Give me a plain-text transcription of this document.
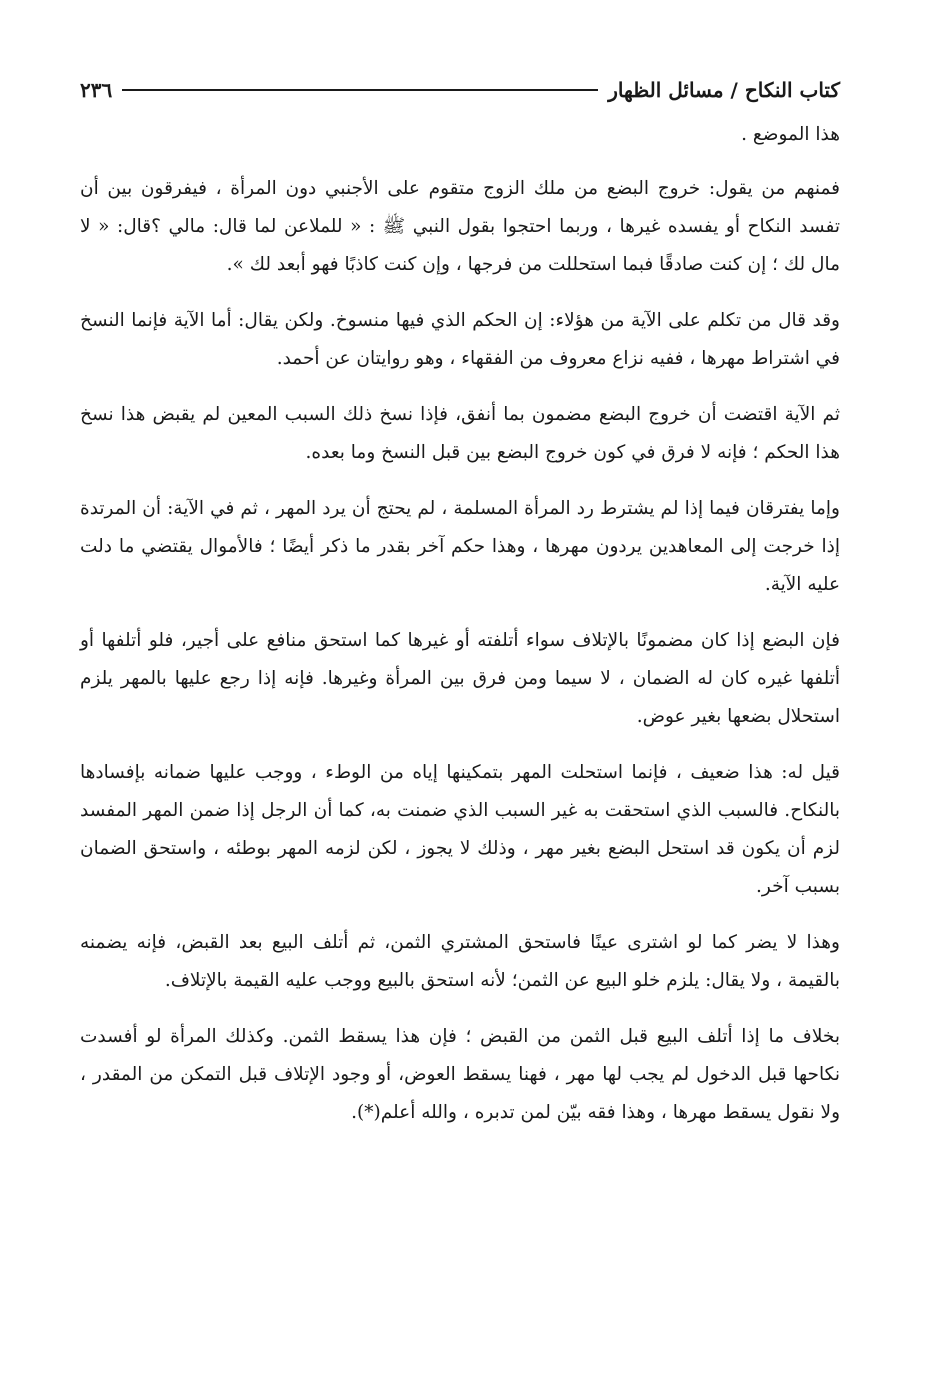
كتاب النكاح / مسائل الظهار
٢٣٦

هذا الموضع .

فمنهم من يقول: خروج البضع من ملك الزوج متقوم على الأجنبي دون المرأة ، فيفرقون بين أن تفسد النكاح أو يفسده غيرها ، وربما احتجوا بقول النبي ﷺ : « للملاعن لما قال: مالي ؟قال: « لا مال لك ؛ إن كنت صادقًا فبما استحللت من فرجها ، وإن كنت كاذبًا فهو أبعد لك ».

وقد قال من تكلم على الآية من هؤلاء: إن الحكم الذي فيها منسوخ. ولكن يقال: أما الآية فإنما النسخ في اشتراط مهرها ، ففيه نزاع معروف من الفقهاء ، وهو روايتان عن أحمد.

ثم الآية اقتضت أن خروج البضع مضمون بما أنفق، فإذا نسخ ذلك السبب المعين لم يقبض هذا نسخ هذا الحكم ؛ فإنه لا فرق في كون خروج البضع بين قبل النسخ وما بعده.

وإما يفترقان فيما إذا لم يشترط رد المرأة المسلمة ، لم يحتج أن يرد المهر ، ثم في الآية: أن المرتدة إذا خرجت إلى المعاهدين يردون مهرها ، وهذا حكم آخر بقدر ما ذكر أيضًا ؛ فالأموال يقتضي ما دلت عليه الآية.

فإن البضع إذا كان مضمونًا بالإتلاف سواء أتلفته أو غيرها كما استحق منافع على أجير، فلو أتلفها أو أتلفها غيره كان له الضمان ، لا سيما ومن فرق بين المرأة وغيرها. فإنه إذا رجع عليها بالمهر يلزم استحلال بضعها بغير عوض.

قيل له: هذا ضعيف ، فإنما استحلت المهر بتمكينها إياه من الوطء ، ووجب عليها ضمانه بإفسادها بالنكاح. فالسبب الذي استحقت به غير السبب الذي ضمنت به، كما أن الرجل إذا ضمن المهر المفسد لزم أن يكون قد استحل البضع بغير مهر ، وذلك لا يجوز ، لكن لزمه المهر بوطئه ، واستحق الضمان بسبب آخر.

وهذا لا يضر كما لو اشترى عينًا فاستحق المشتري الثمن، ثم أتلف البيع بعد القبض، فإنه يضمنه بالقيمة ، ولا يقال: يلزم خلو البيع عن الثمن؛ لأنه استحق بالبيع ووجب عليه القيمة بالإتلاف.

بخلاف ما إذا أتلف البيع قبل الثمن من القبض ؛ فإن هذا يسقط الثمن. وكذلك المرأة لو أفسدت نكاحها قبل الدخول لم يجب لها مهر ، فهنا يسقط العوض، أو وجود الإتلاف قبل التمكن من المقدر ، ولا نقول يسقط مهرها ، وهذا فقه بيّن لمن تدبره ، والله أعلم(*).
